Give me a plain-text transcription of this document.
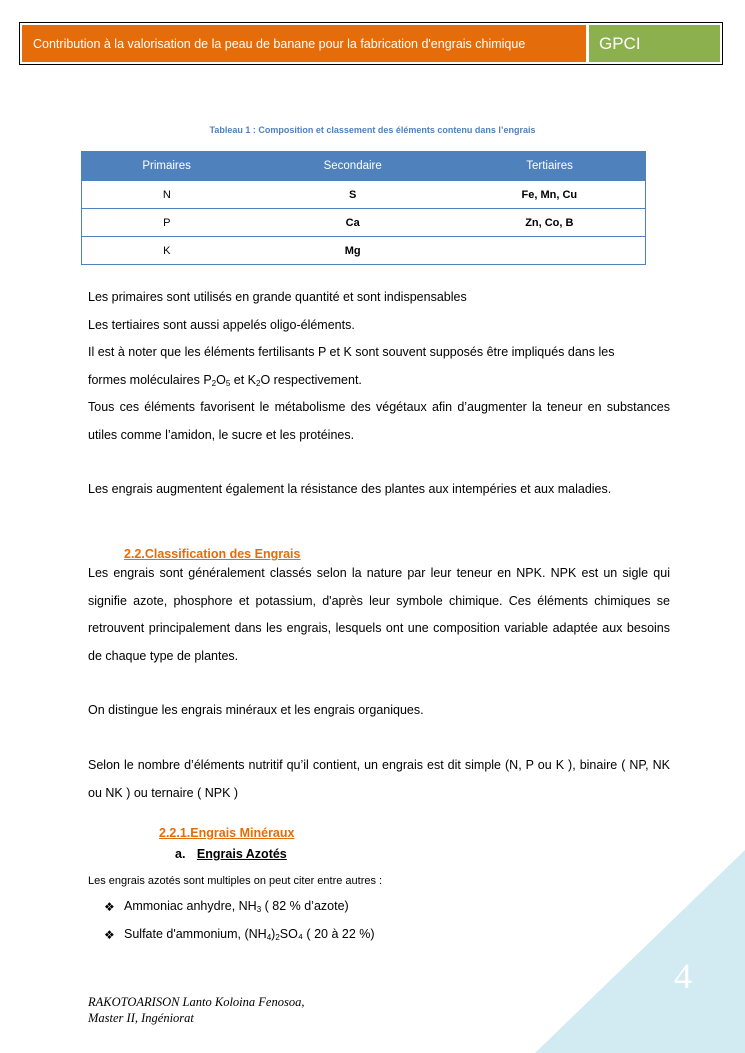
Contribution à la valorisation de la peau de banane pour la fabrication d'engrais chimique	GPCI
Tableau 1 : Composition et classement des éléments contenu dans l’engrais
Primaires	Secondaire	Tertiaires
N	S	Fe, Mn, Cu
P	Ca	Zn, Co, B
K	Mg	
Les primaires sont utilisés en grande quantité et sont indispensables
Les tertiaires sont aussi appelés oligo-éléments.
Il est à noter que les éléments fertilisants P et K sont souvent supposés être impliqués dans les
formes moléculaires $P_2O_5$ et $K_2O$ respectivement.
Tous ces éléments favorisent le métabolisme des végétaux afin d’augmenter la teneur en substances utiles comme l’amidon, le sucre et les protéines.
Les engrais augmentent également la résistance des plantes aux intempéries et aux maladies.
2.2.Classification des Engrais
Les engrais sont généralement classés selon la nature par leur teneur en NPK. NPK est un sigle qui signifie azote, phosphore et potassium, d'après leur symbole chimique. Ces éléments chimiques se retrouvent principalement dans les engrais, lesquels ont une composition variable adaptée aux besoins de chaque type de plantes.
On distingue les engrais minéraux et les engrais organiques.
Selon le nombre d’éléments nutritif qu’il contient, un engrais est dit simple (N, P ou K ), binaire ( NP, NK ou NK ) ou ternaire ( NPK )
2.2.1.Engrais Minéraux
a. Engrais Azotés
Les engrais azotés sont multiples on peut citer entre autres :
❖ Ammoniac anhydre, $NH_3$ ( 82 % d’azote)
❖ Sulfate d'ammonium, $(NH_4)_2SO_4$ ( 20 à 22 %)
4
RAKOTOARISON Lanto Koloina Fenosoa,
Master II, Ingéniorat
